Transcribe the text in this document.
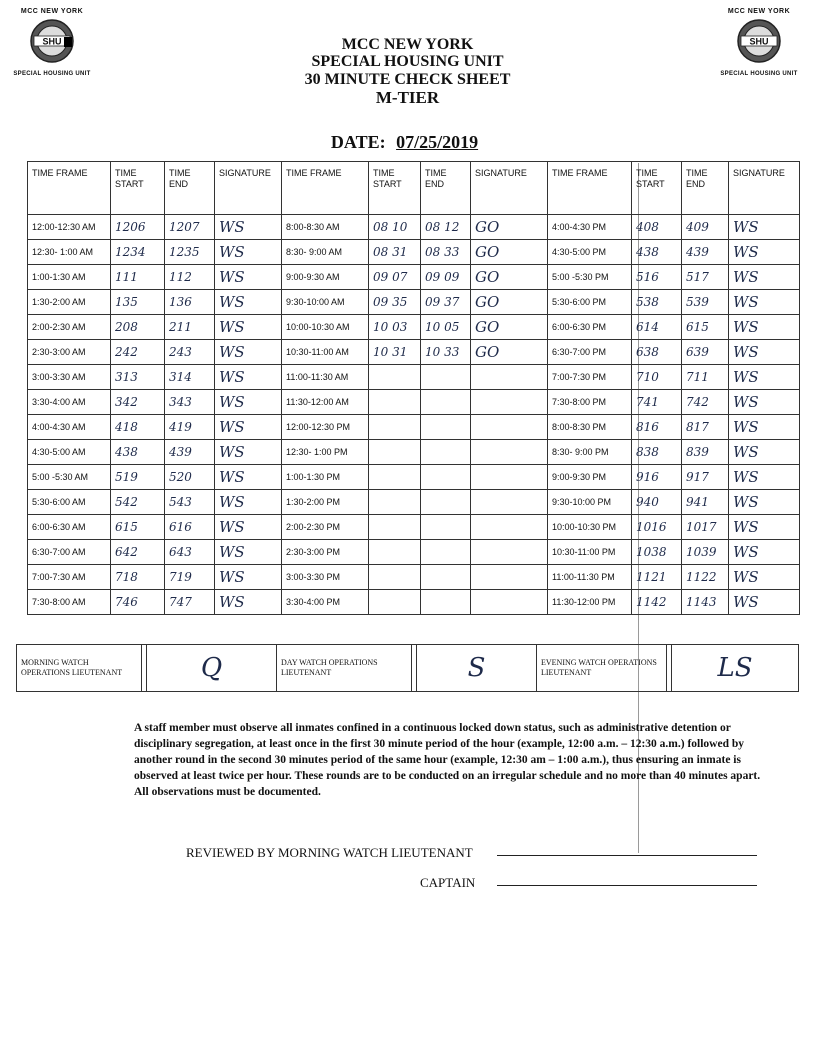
MCC NEW YORK
SHU
SPECIAL HOUSING UNIT
MCC NEW YORK
SHU
SPECIAL HOUSING UNIT
MCC NEW YORK
SPECIAL HOUSING UNIT
30 MINUTE CHECK SHEET
M-TIER
DATE: 07/25/2019
TIME FRAME	TIME START	TIME END	SIGNATURE	TIME FRAME	TIME START	TIME END	SIGNATURE	TIME FRAME	TIME START	TIME END	SIGNATURE
12:00-12:30 AM	1206	1207	WS	8:00-8:30 AM	08 10	08 12	GO	4:00-4:30 PM	408	409	WS
12:30- 1:00 AM	1234	1235	WS	8:30- 9:00 AM	08 31	08 33	GO	4:30-5:00 PM	438	439	WS
1:00-1:30 AM	111	112	WS	9:00-9:30 AM	09 07	09 09	GO	5:00 -5:30 PM	516	517	WS
1:30-2:00 AM	135	136	WS	9:30-10:00 AM	09 35	09 37	GO	5:30-6:00 PM	538	539	WS
2:00-2:30 AM	208	211	WS	10:00-10:30 AM	10 03	10 05	GO	6:00-6:30 PM	614	615	WS
2:30-3:00 AM	242	243	WS	10:30-11:00 AM	10 31	10 33	GO	6:30-7:00 PM	638	639	WS
3:00-3:30 AM	313	314	WS	11:00-11:30 AM				7:00-7:30 PM	710	711	WS
3:30-4:00 AM	342	343	WS	11:30-12:00 AM				7:30-8:00 PM	741	742	WS
4:00-4:30 AM	418	419	WS	12:00-12:30 PM				8:00-8:30 PM	816	817	WS
4:30-5:00 AM	438	439	WS	12:30- 1:00 PM				8:30- 9:00 PM	838	839	WS
5:00 -5:30 AM	519	520	WS	1:00-1:30 PM				9:00-9:30 PM	916	917	WS
5:30-6:00 AM	542	543	WS	1:30-2:00 PM				9:30-10:00 PM	940	941	WS
6:00-6:30 AM	615	616	WS	2:00-2:30 PM				10:00-10:30 PM	1016	1017	WS
6:30-7:00 AM	642	643	WS	2:30-3:00 PM				10:30-11:00 PM	1038	1039	WS
7:00-7:30 AM	718	719	WS	3:00-3:30 PM				11:00-11:30 PM	1121	1122	WS
7:30-8:00 AM	746	747	WS	3:30-4:00 PM				11:30-12:00 PM	1142	1143	WS
MORNING WATCH OPERATIONS LIEUTENANT		Q	DAY WATCH OPERATIONS LIEUTENANT		S	EVENING WATCH OPERATIONS LIEUTENANT		LS
A staff member must observe all inmates confined in a continuous locked down status, such as administrative detention or disciplinary segregation, at least once in the first 30 minute period of the hour (example, 12:00 a.m. – 12:30 a.m.) followed by another round in the second 30 minutes period of the same hour (example, 12:30 am – 1:00 a.m.), thus ensuring an inmate is observed at least twice per hour. These rounds are to be conducted on an irregular schedule and no more than 40 minutes apart. All observations must be documented.
REVIEWED BY MORNING WATCH LIEUTENANT
CAPTAIN
